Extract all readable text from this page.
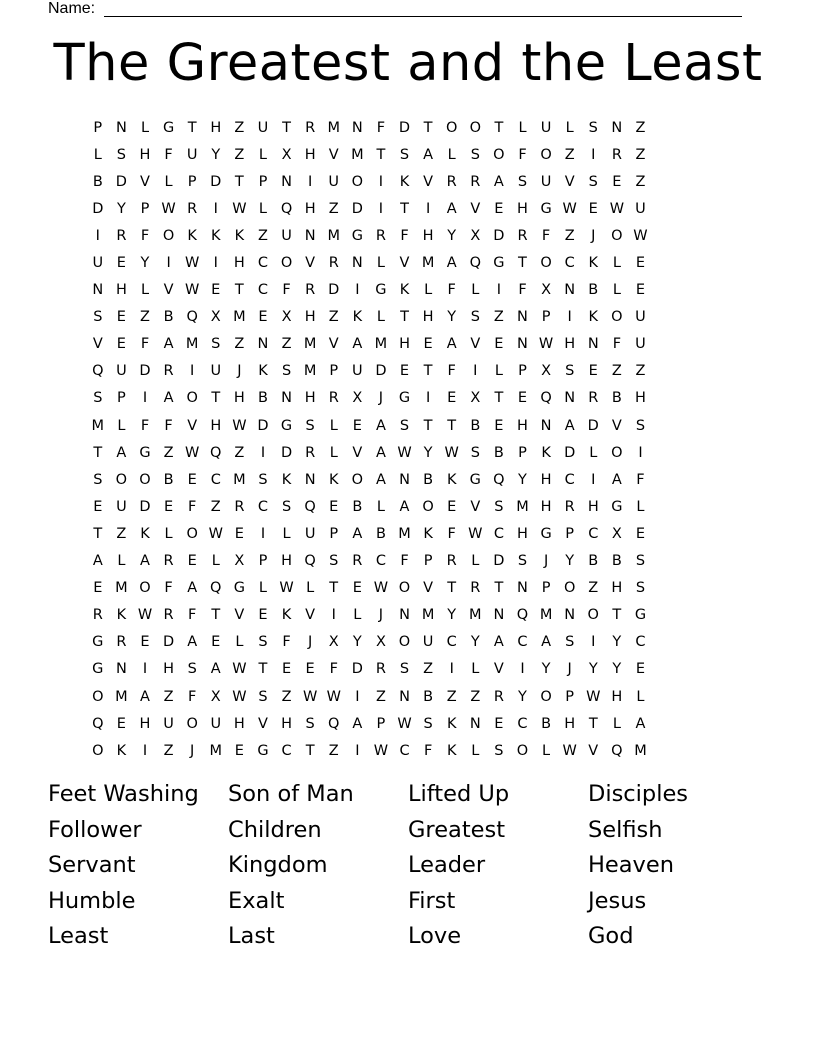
Name:
The Greatest and the Least
P N L G T H Z U T R M N F D T O O T	L U L	S N Z
L	S H F U Y Z	L	X H V M T	S A	L	S O F O Z	I	R Z
B D V	L	P D T	P N	I	U O	I	K V R R A S U V S E Z
D Y	P W R	I W L Q H Z D	I	T	I	A V E H G W E W U
I	R F O K K K Z U N M G R F H Y X D R F Z	J	O W
U E	Y	I W I	H C O V R N L	V M A Q G T O C K	L	E
N H L	V W E	T C F R D	I	G K	L	F	L	I	F X N B	L	E
S E Z B Q X M E X H Z K	L	T H Y	S Z N P	I	K O U
V E	F A M S Z N Z M V A M H E A V E N W H N F U
Q U D R	I	U	J	K S M P U D E	T	F	I	L	P X S E Z Z
S	P	I	A O T H B N H R X	J	G	I	E X T	E Q N R B H
M L	F	F V H W D G S	L	E A S	T	T B E H N A D V S
T A G Z W Q Z	I	D R	L	V A W Y W S B P K D L O	I
S O O B E C M S K N K O A N B K G Q Y H C	I	A F
E U D E	F Z R C S Q E B	L	A O E V S M H R H G L
T Z K	L O W E	I	L U P A B M K	F W C H G P C X E
A	L	A R E	L	X P H Q S R C F	P R	L D S	J	Y B B S
E M O F A Q G L W L	T	E W O V T R T N P O Z H S
R K W R F	T V E K V	I	L	J	N M Y M N Q M N O T G
G R E D A E	L	S	F	J	X Y X O U C Y A C A S	I	Y C
G N	I	H S A W T	E E	F D R S Z	I	L	V	I	Y	J	Y	Y	E
O M A Z F X W S Z W W I	Z N B Z Z R Y O P W H L
Q E H U O U H V H S Q A P W S K N E C B H T	L	A
O K	I	Z	J	M E G C T Z	I W C F	K	L	S O L W V Q M
Feet Washing	Son of Man	Lifted Up	Disciples
Follower	Children	Greatest	Selfish
Servant	Kingdom	Leader	Heaven
Humble	Exalt	First	Jesus
Least	Last	Love	God
